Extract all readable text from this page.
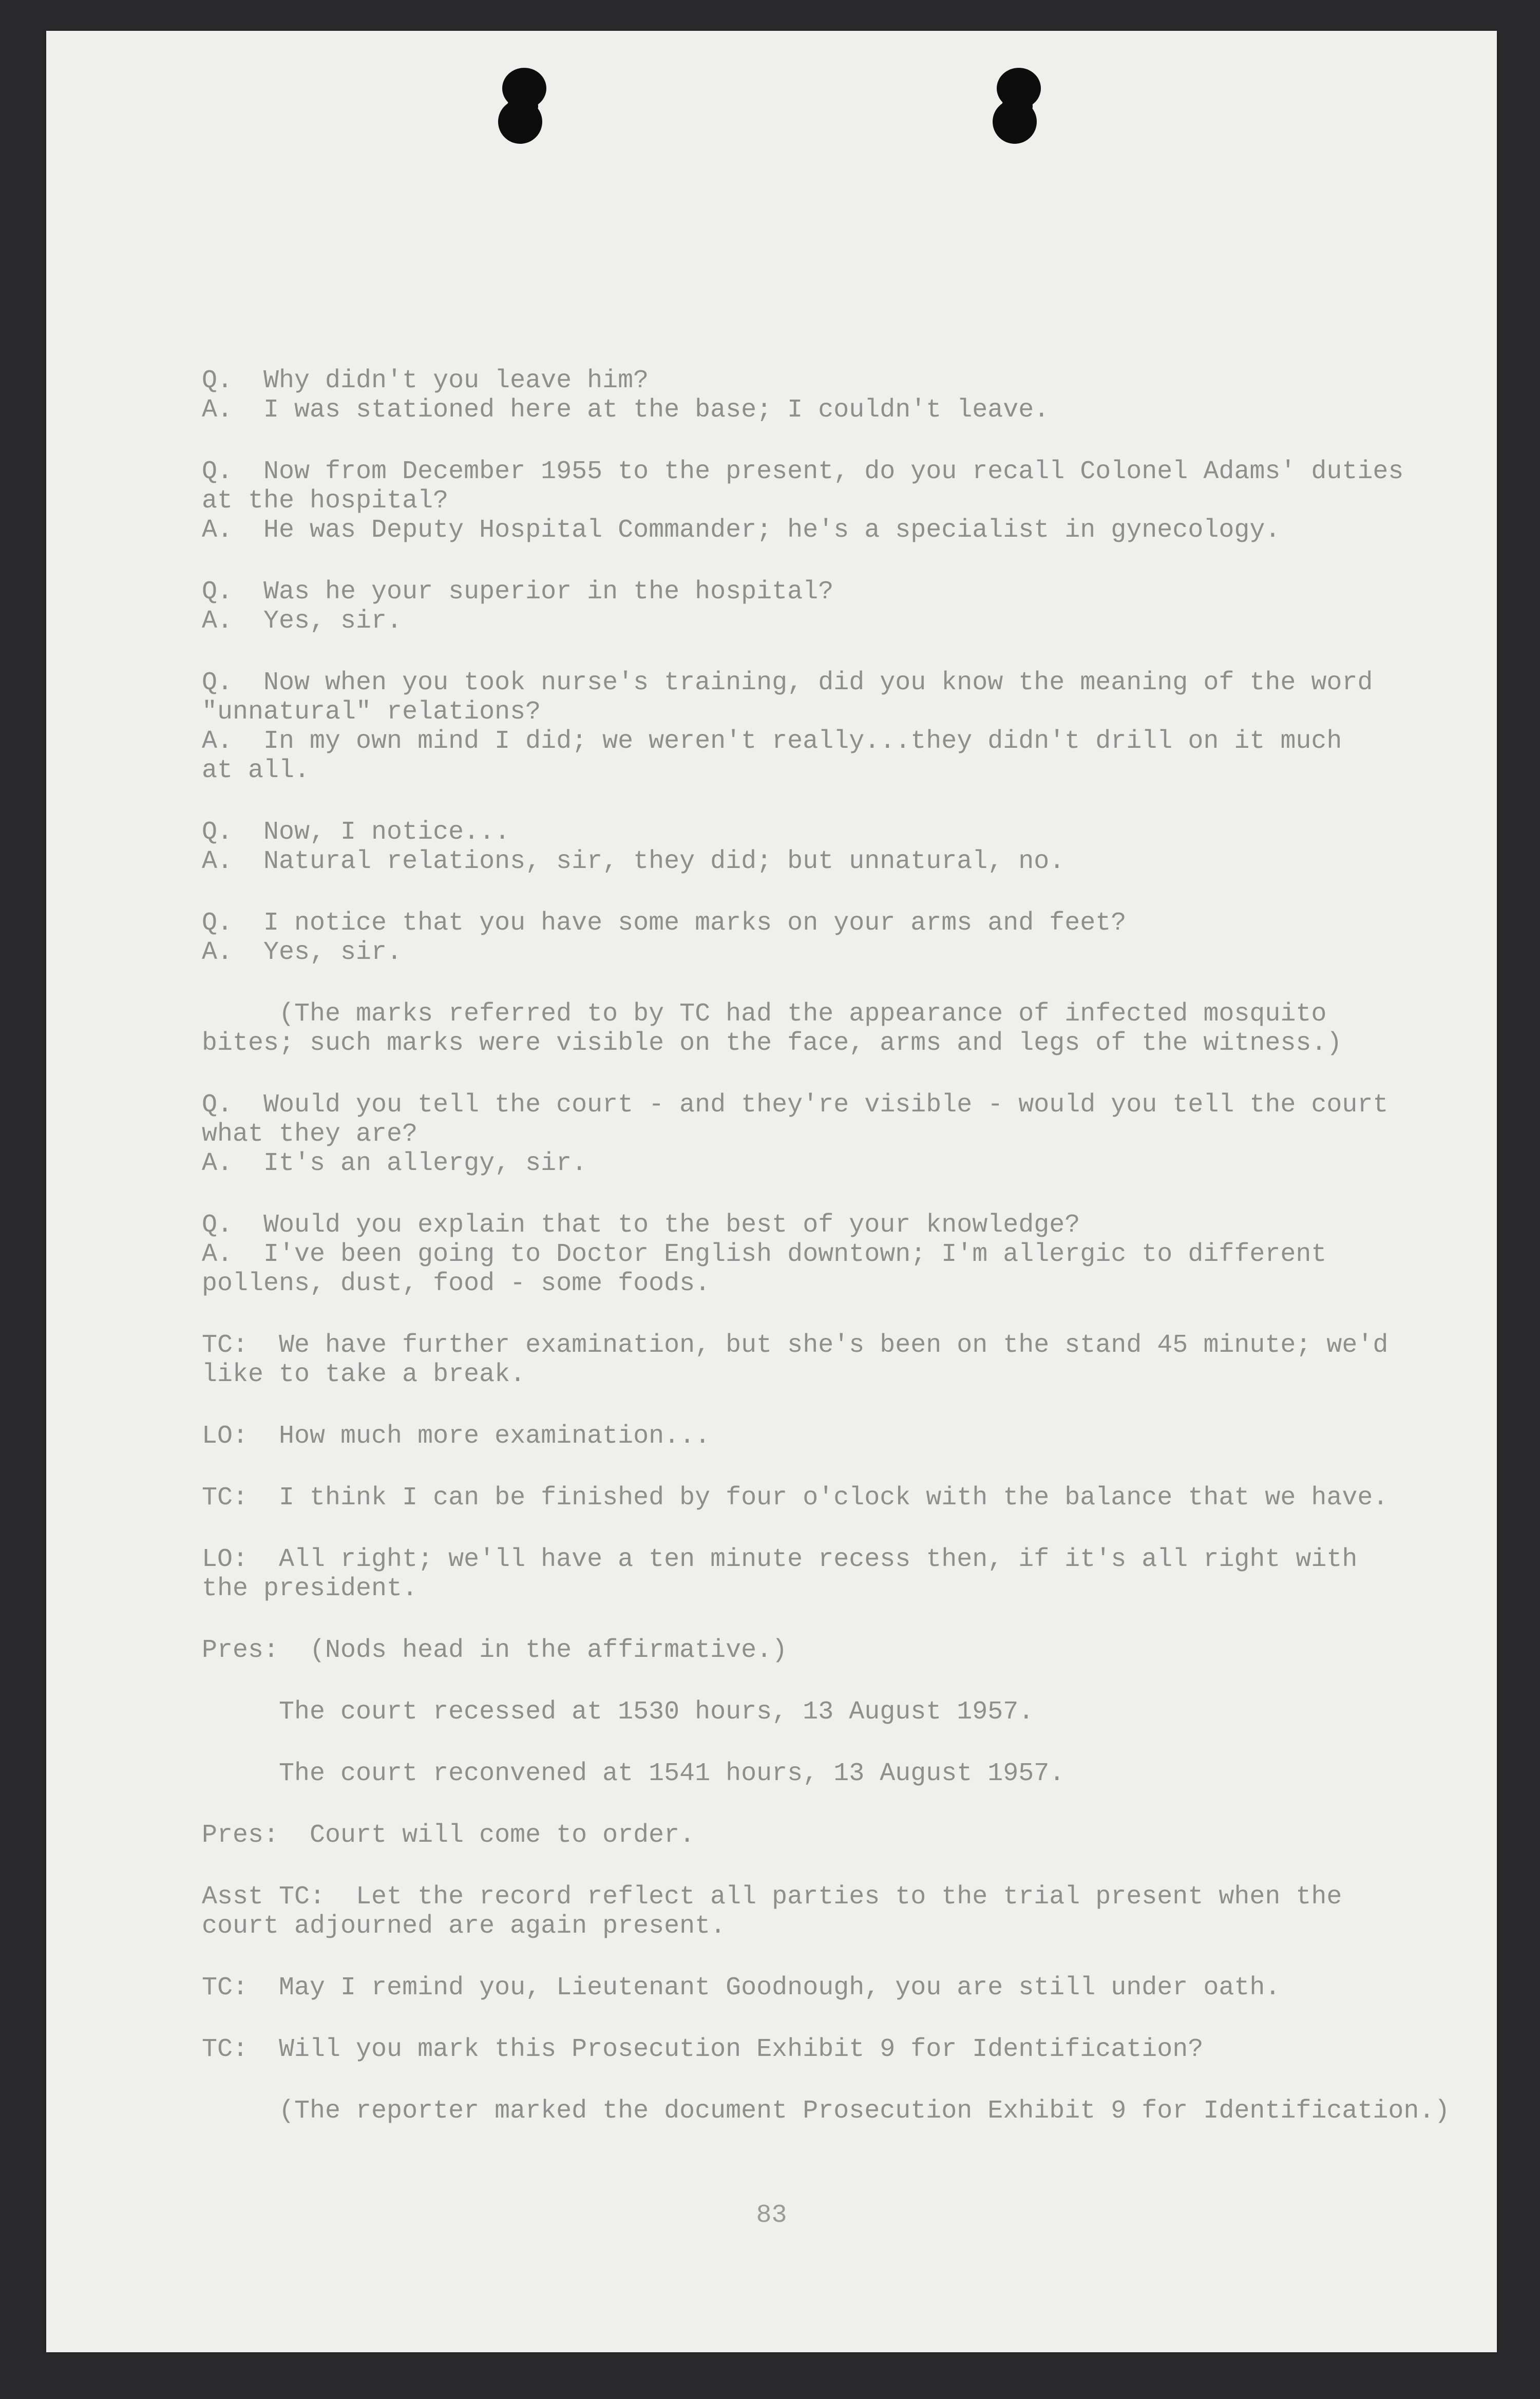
Q.  Why didn't you leave him?
A.  I was stationed here at the base; I couldn't leave.
Q.  Now from December 1955 to the present, do you recall Colonel Adams' duties
at the hospital?
A.  He was Deputy Hospital Commander; he's a specialist in gynecology.
Q.  Was he your superior in the hospital?
A.  Yes, sir.
Q.  Now when you took nurse's training, did you know the meaning of the word
"unnatural" relations?
A.  In my own mind I did; we weren't really...they didn't drill on it much
at all.
Q.  Now, I notice...
A.  Natural relations, sir, they did; but unnatural, no.
Q.  I notice that you have some marks on your arms and feet?
A.  Yes, sir.
(The marks referred to by TC had the appearance of infected mosquito
bites; such marks were visible on the face, arms and legs of the witness.)
Q.  Would you tell the court - and they're visible - would you tell the court
what they are?
A.  It's an allergy, sir.
Q.  Would you explain that to the best of your knowledge?
A.  I've been going to Doctor English downtown; I'm allergic to different
pollens, dust, food - some foods.
TC:  We have further examination, but she's been on the stand 45 minute; we'd
like to take a break.
LO:  How much more examination...
TC:  I think I can be finished by four o'clock with the balance that we have.
LO:  All right; we'll have a ten minute recess then, if it's all right with
the president.
Pres:  (Nods head in the affirmative.)
The court recessed at 1530 hours, 13 August 1957.
The court reconvened at 1541 hours, 13 August 1957.
Pres:  Court will come to order.
Asst TC:  Let the record reflect all parties to the trial present when the
court adjourned are again present.
TC:  May I remind you, Lieutenant Goodnough, you are still under oath.
TC:  Will you mark this Prosecution Exhibit 9 for Identification?
(The reporter marked the document Prosecution Exhibit 9 for Identification.)
83
